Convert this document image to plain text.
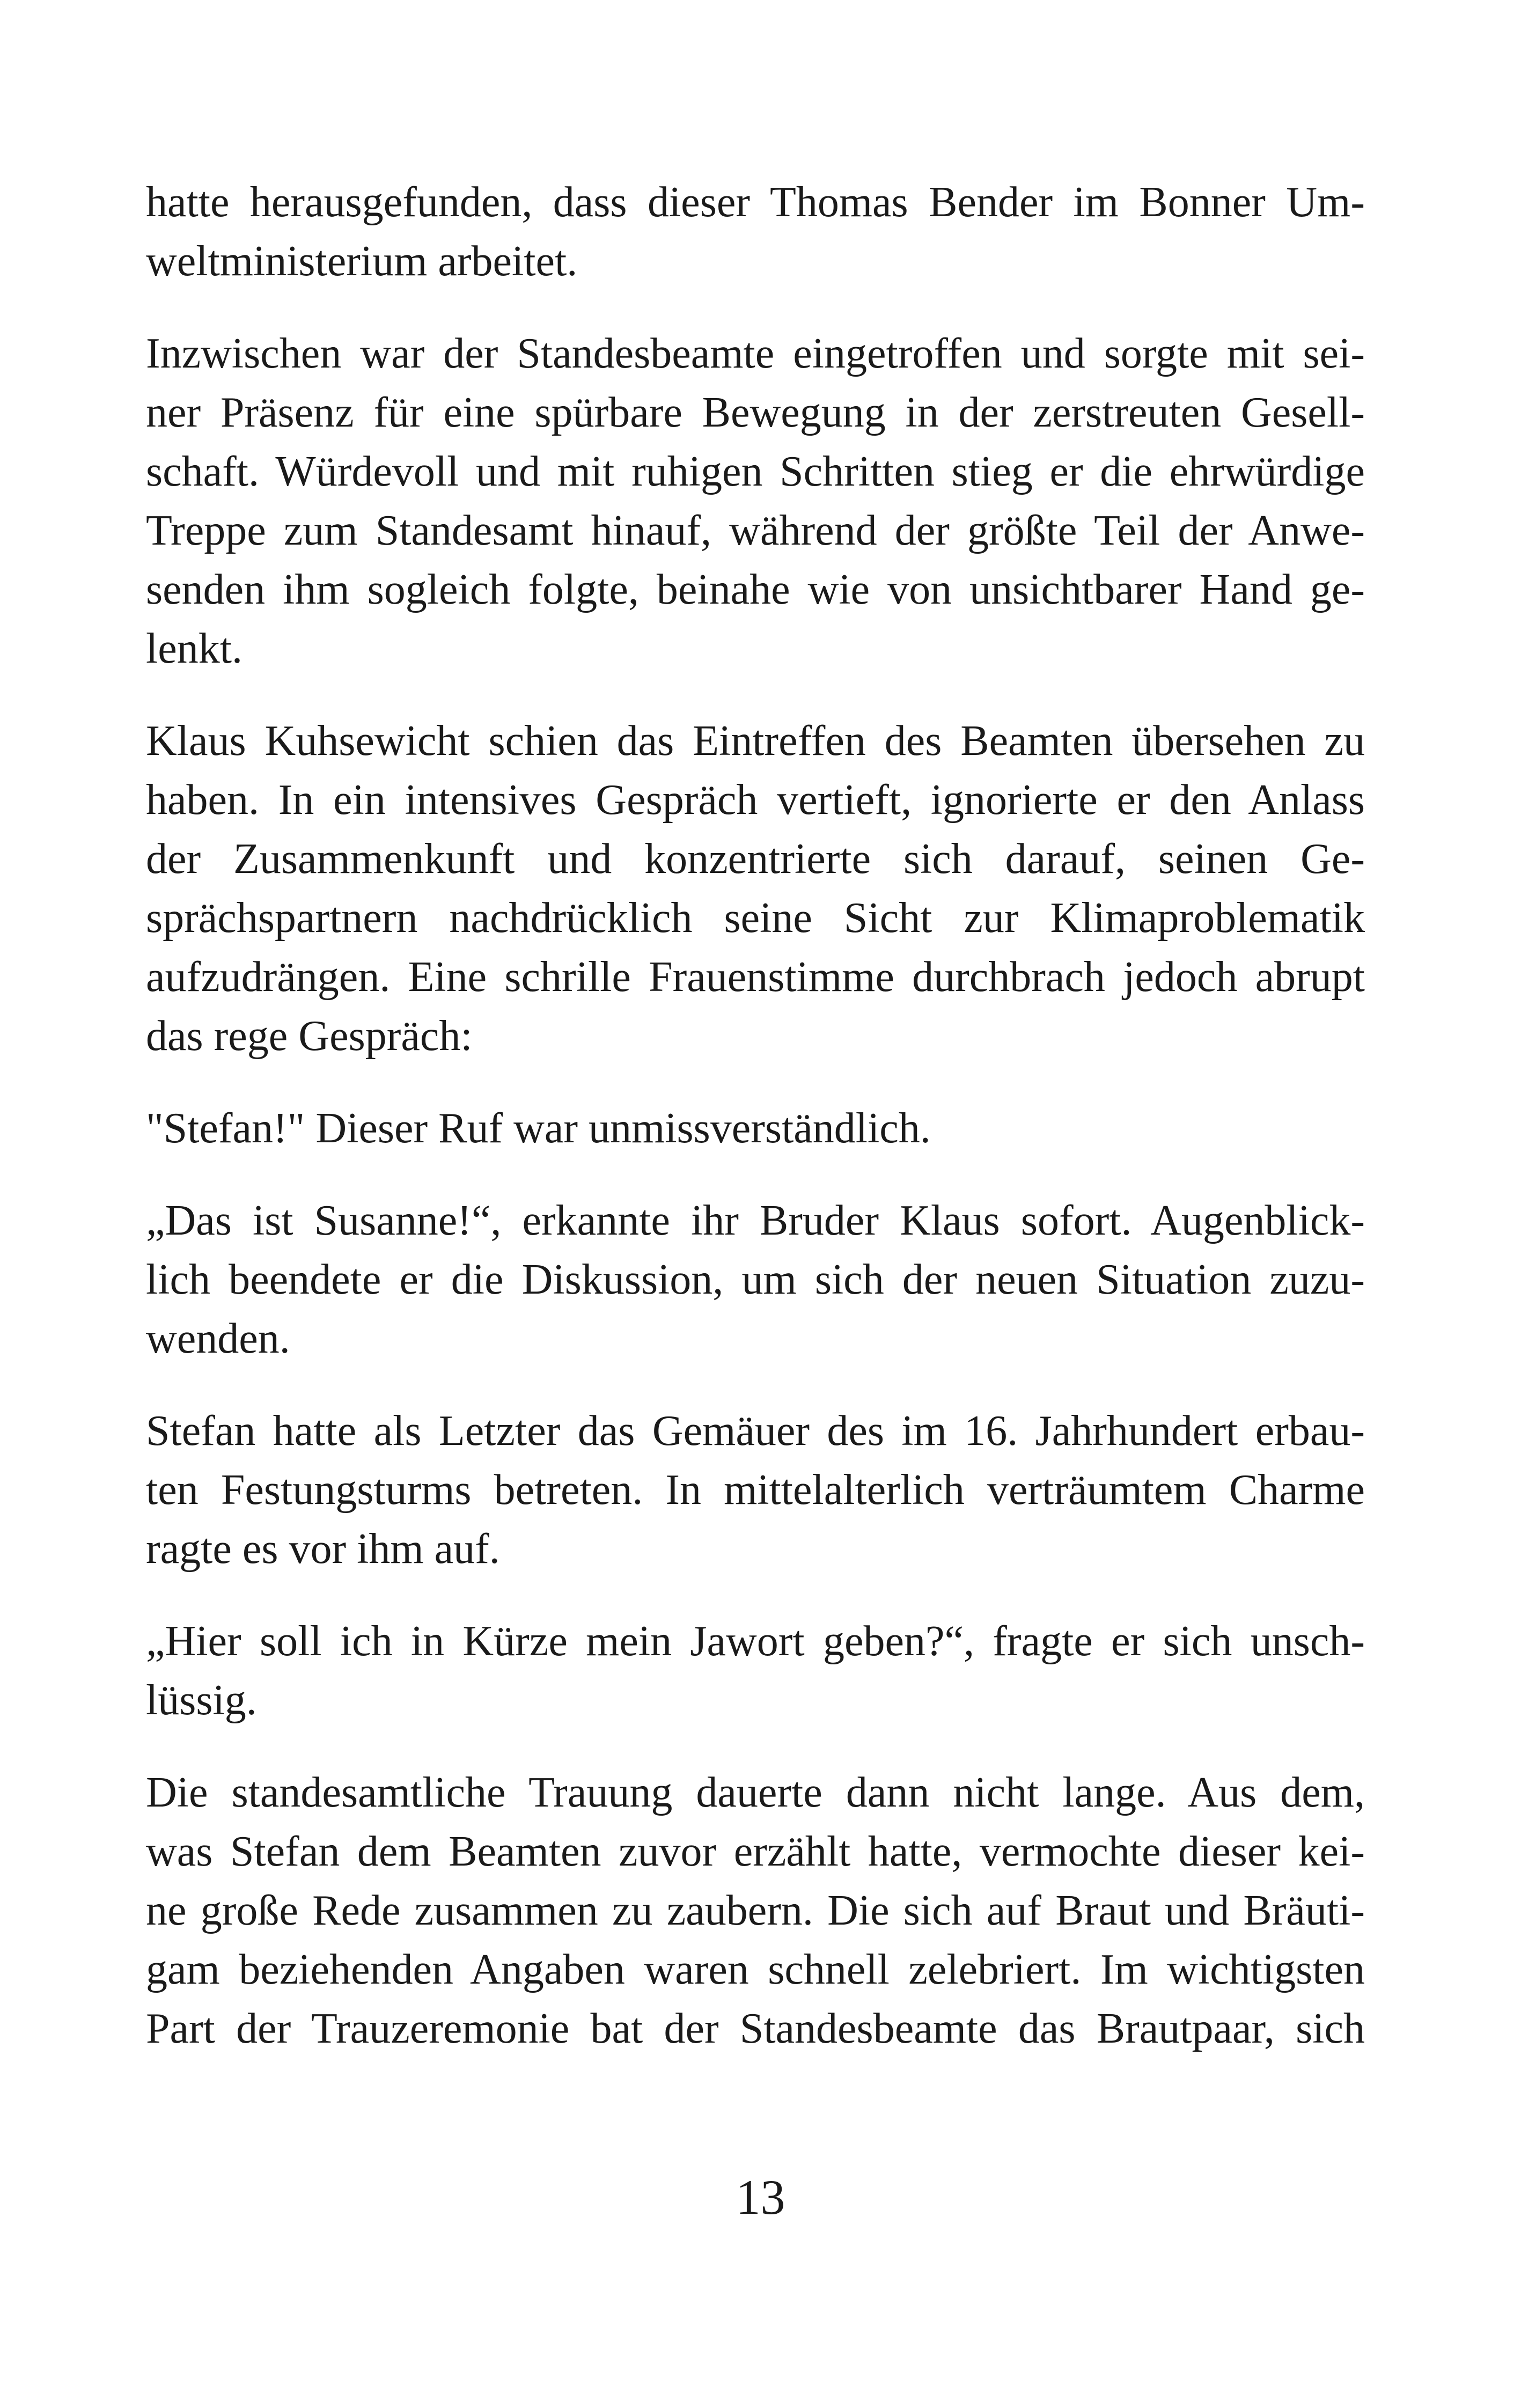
hatte herausgefunden, dass dieser Thomas Bender im Bonner Um-
weltministerium arbeitet.

Inzwischen war der Standesbeamte eingetroffen und sorgte mit sei-
ner Präsenz für eine spürbare Bewegung in der zerstreuten Gesell-
schaft. Würdevoll und mit ruhigen Schritten stieg er die ehrwürdige
Treppe zum Standesamt hinauf, während der größte Teil der Anwe-
senden ihm sogleich folgte, beinahe wie von unsichtbarer Hand ge-
lenkt.

Klaus Kuhsewicht schien das Eintreffen des Beamten übersehen zu
haben. In ein intensives Gespräch vertieft, ignorierte er den Anlass
der Zusammenkunft und konzentrierte sich darauf, seinen Ge-
sprächspartnern nachdrücklich seine Sicht zur Klimaproblematik
aufzudrängen. Eine schrille Frauenstimme durchbrach jedoch abrupt
das rege Gespräch:

"Stefan!" Dieser Ruf war unmissverständlich.

„Das ist Susanne!“, erkannte ihr Bruder Klaus sofort. Augenblick-
lich beendete er die Diskussion, um sich der neuen Situation zuzu-
wenden.

Stefan hatte als Letzter das Gemäuer des im 16. Jahrhundert erbau-
ten Festungsturms betreten. In mittelalterlich verträumtem Charme
ragte es vor ihm auf.

„Hier soll ich in Kürze mein Jawort geben?“, fragte er sich unsch-
lüssig.

Die standesamtliche Trauung dauerte dann nicht lange. Aus dem,
was Stefan dem Beamten zuvor erzählt hatte, vermochte dieser kei-
ne große Rede zusammen zu zaubern. Die sich auf Braut und Bräuti-
gam beziehenden Angaben waren schnell zelebriert. Im wichtigsten
Part der Trauzeremonie bat der Standesbeamte das Brautpaar, sich

13
